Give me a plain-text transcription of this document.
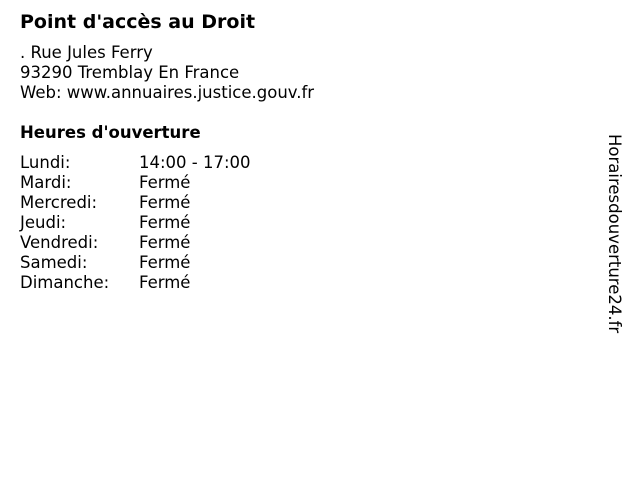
Point d'accès au Droit
. Rue Jules Ferry
93290 Tremblay En France
Web: www.annuaires.justice.gouv.fr
Heures d'ouverture
Lundi:	14:00 - 17:00
Mardi:	Fermé
Mercredi:	Fermé
Jeudi:	Fermé
Vendredi: Fermé
Samedi:	Fermé
Dimanche: Fermé	Horairesdouverture24.fr
